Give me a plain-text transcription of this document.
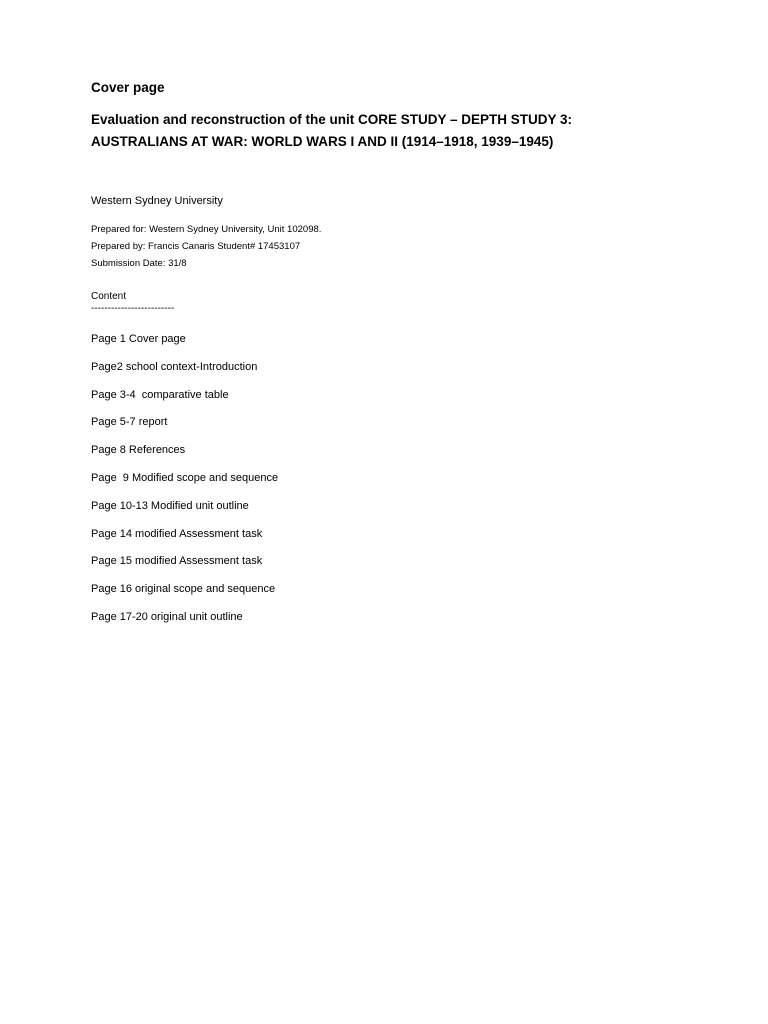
Cover page
Evaluation and reconstruction of the unit CORE STUDY – DEPTH STUDY 3:
AUSTRALIANS AT WAR: WORLD WARS I AND II (1914–1918, 1939–1945)
Western Sydney University
Prepared for: Western Sydney University, Unit 102098.
Prepared by: Francis Canaris Student# 17453107
Submission Date: 31/8
Content
-------------------------
Page 1 Cover page
Page2 school context-Introduction
Page 3-4  comparative table
Page 5-7 report
Page 8 References
Page  9 Modified scope and sequence
Page 10-13 Modified unit outline
Page 14 modified Assessment task
Page 15 modified Assessment task
Page 16 original scope and sequence
Page 17-20 original unit outline
